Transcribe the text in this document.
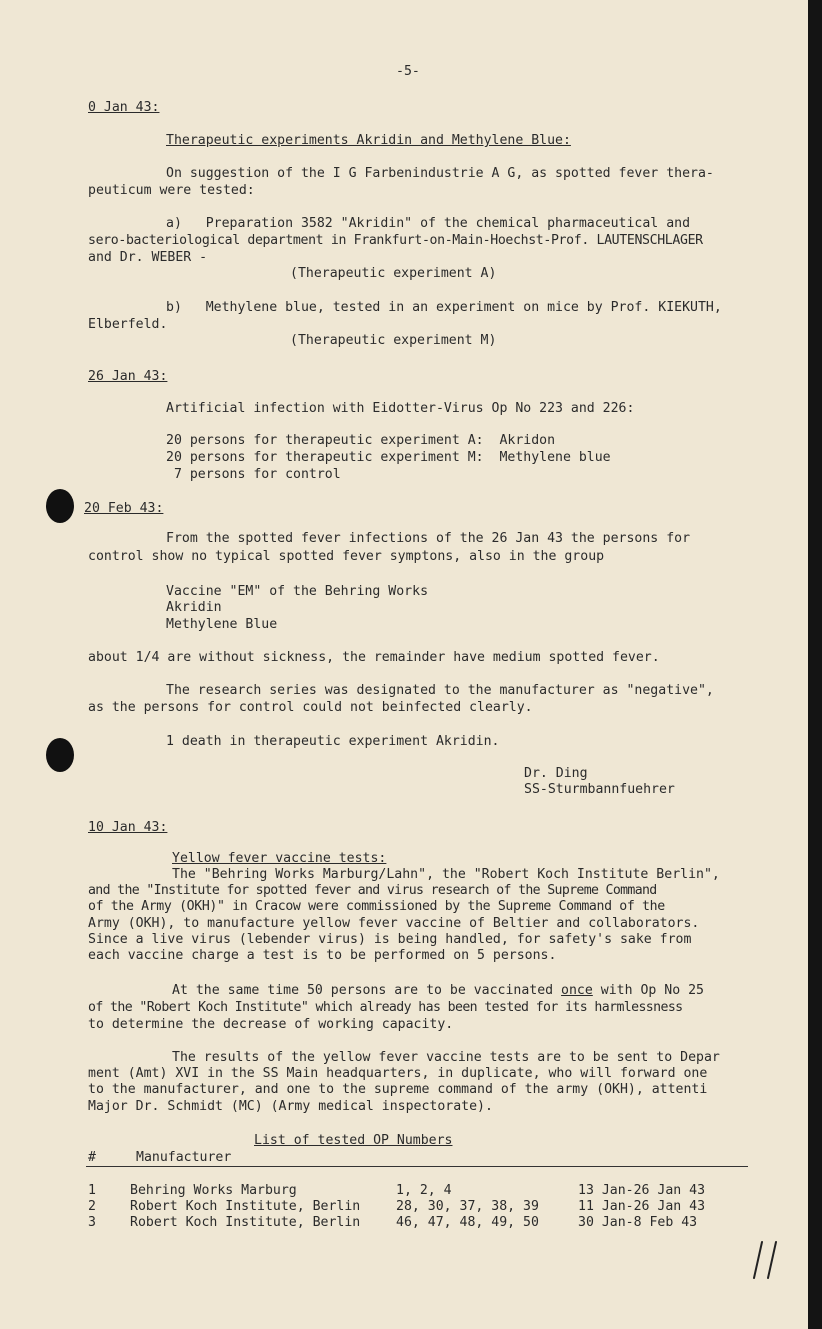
-5-
0 Jan 43:
Therapeutic experiments Akridin and Methylene Blue:
On suggestion of the I G Farbenindustrie A G, as spotted fever thera-
peuticum were tested:
a)   Preparation 3582 "Akridin" of the chemical pharmaceutical and
sero-bacteriological department in Frankfurt-on-Main-Hoechst-Prof. LAUTENSCHLAGER
and Dr. WEBER -
(Therapeutic experiment A)
b)   Methylene blue, tested in an experiment on mice by Prof. KIEKUTH,
Elberfeld.
(Therapeutic experiment M)
26 Jan 43:
Artificial infection with Eidotter-Virus Op No 223 and 226:
20 persons for therapeutic experiment A:  Akridon
20 persons for therapeutic experiment M:  Methylene blue
7 persons for control
20 Feb 43:
From the spotted fever infections of the 26 Jan 43 the persons for
control show no typical spotted fever symptons, also in the group
Vaccine "EM" of the Behring Works
Akridin
Methylene Blue
about 1/4 are without sickness, the remainder have medium spotted fever.
The research series was designated to the manufacturer as "negative",
as the persons for control could not beinfected clearly.
1 death in therapeutic experiment Akridin.
Dr. Ding
SS-Sturmbannfuehrer
10 Jan 43:
Yellow fever vaccine tests:
The "Behring Works Marburg/Lahn", the "Robert Koch Institute Berlin",
and the "Institute for spotted fever and virus research of the Supreme Command
of the Army (OKH)" in Cracow were commissioned by the Supreme Command of the
Army (OKH), to manufacture yellow fever vaccine of Beltier and collaborators.
Since a live virus (lebender virus) is being handled, for safety's sake from
each vaccine charge a test is to be performed on 5 persons.
At the same time 50 persons are to be vaccinated once with Op No 25
of the "Robert Koch Institute" which already has been tested for its harmlessness
to determine the decrease of working capacity.
The results of the yellow fever vaccine tests are to be sent to Depar
ment (Amt) XVI in the SS Main headquarters, in duplicate, who will forward one
to the manufacturer, and one to the supreme command of the army (OKH), attenti
Major Dr. Schmidt (MC) (Army medical inspectorate).
List of tested OP Numbers
#	Manufacturer
1	Behring Works Marburg	1, 2, 4	13 Jan-26 Jan 43
2	Robert Koch Institute, Berlin	28, 30, 37, 38, 39	11 Jan-26 Jan 43
3	Robert Koch Institute, Berlin	46, 47, 48, 49, 50	30 Jan-8 Feb 43
